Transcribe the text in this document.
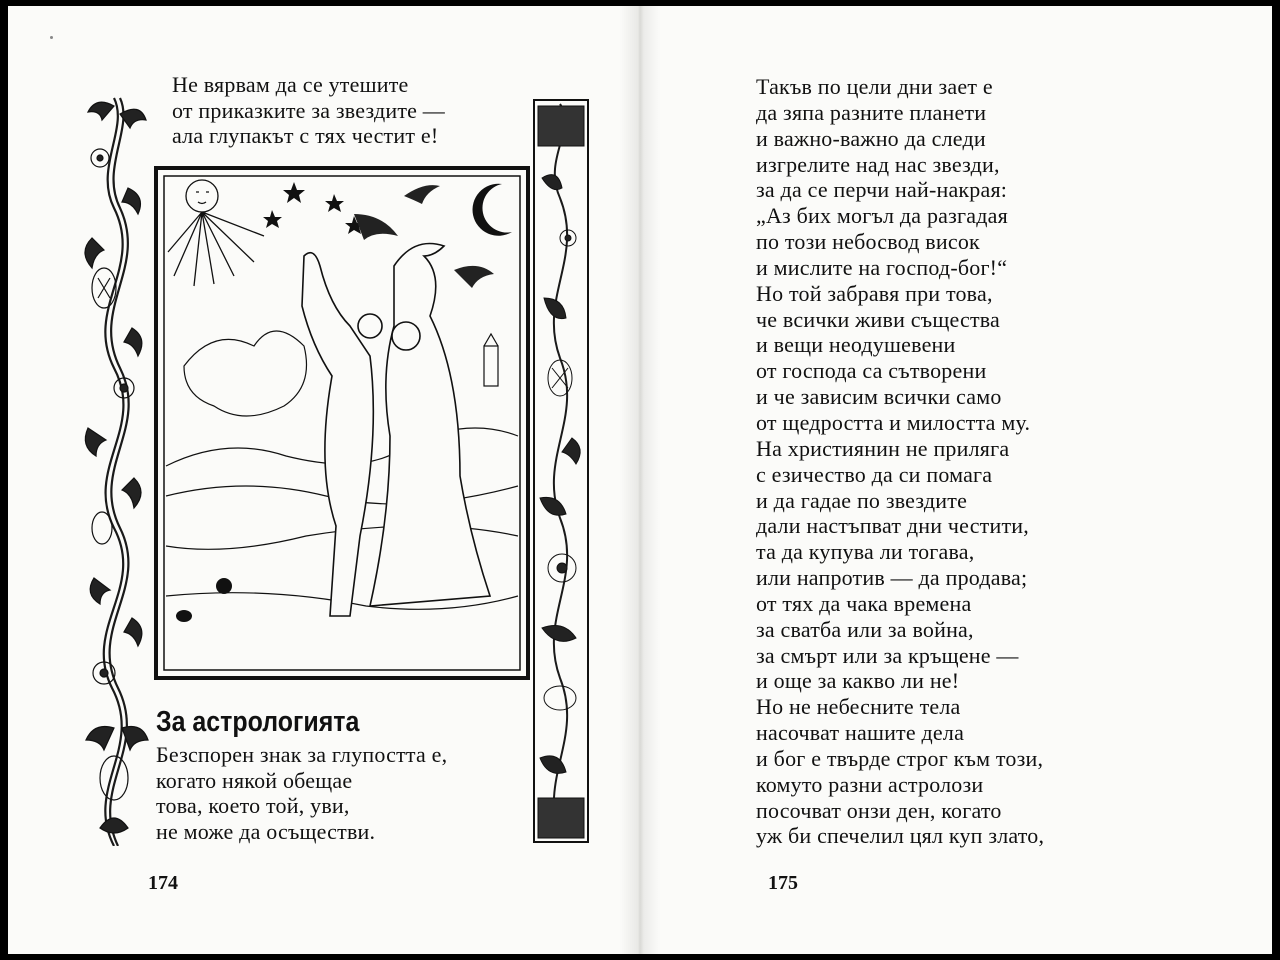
Не вярвам да се утешите
от приказките за звездите —
ала глупакът с тях честит е!
За астрологията
Безспорен знак за глупостта е,
когато някой обещае
това, което той, уви,
не може да осъществи.
174
Такъв по цели дни зает е
да зяпа разните планети
и важно-важно да следи
изгрелите над нас звезди,
за да се перчи най-накрая:
„Аз бих могъл да разгадая
по този небосвод висок
и мислите на господ-бог!“
Но той забравя при това,
че всички живи същества
и вещи неодушевени
от господа са сътворени
и че зависим всички само
от щедростта и милостта му.
На християнин не приляга
с езичество да си помага
и да гадае по звездите
дали настъпват дни честити,
та да купува ли тогава,
или напротив — да продава;
от тях да чака времена
за сватба или за война,
за смърт или за кръщене —
и още за какво ли не!
Но не небесните тела
насочват нашите дела
и бог е твърде строг към този,
комуто разни астролози
посочват онзи ден, когато
уж би спечелил цял куп злато,
175
